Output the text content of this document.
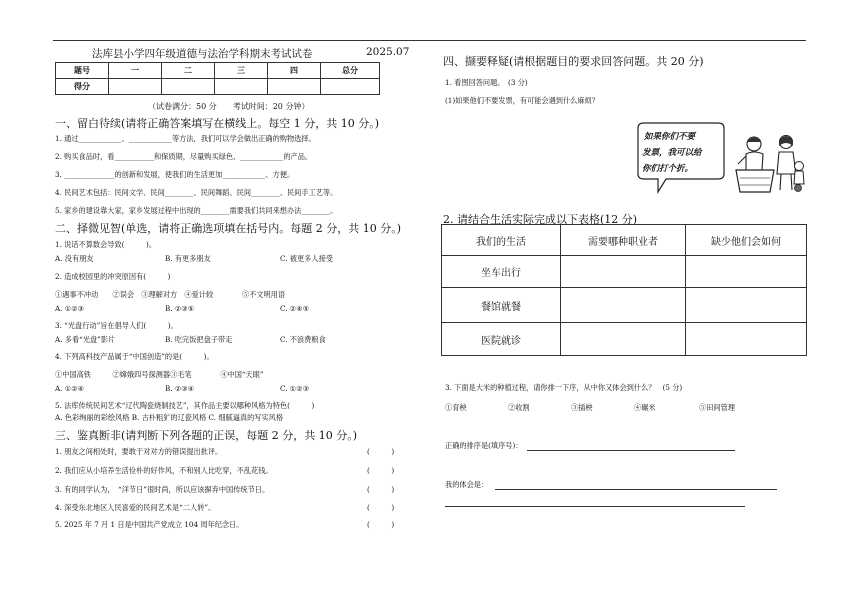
法库县小学四年级道德与法治学科期末考试试卷	2025.07
题号	一	二	三	四	总分
得分					
（试卷满分：50 分　　考试时间：20 分钟）
一、留白待续(请将正确答案填写在横线上。每空 1 分，共 10 分。)
1. 通过____________、____________等方法，我们可以学会做出正确的购物选择。
2. 购买食品时，看___________和保质期，尽量购买绿色、____________的产品。
3. ______________的创新和发展，使我们的生活更加____________、方便。
4. 民间艺术包括：民间文学、民间________、民间舞蹈、民间________、民间手工艺等。
5. 家乡的建设靠大家，家乡发展过程中出现的________需要我们共同来想办法________。
二、择微见智(单选，请将正确选项填在括号内。每题 2 分，共 10 分。)
1. 说话不算数会导致(　　　)。
A. 没有朋友	B. 有更多朋友	C. 被更多人接受
2. 造成校园里的冲突原因有(　　　)
①遇事不冲动　　②误会　③理解对方　④爱计较　　　　⑤不文明用语
A. ①②③	B. ②③⑤	C. ②④⑤
3. “光盘行动”旨在倡导人们(　　　)。
A. 多看“光盘”影片	B. 吃完饭把盘子带走	C. 不浪费粮食
4. 下列高科技产品属于“中国创造”的是(　　　)。
①中国高铁　　　②嫦娥四号探测器③毛笔　　　　④中国“天眼”
A. ①②④	B. ②③④	C. ①②③
5. 法库传统民间艺术“辽代陶瓷烧制技艺”，其作品主要以哪种风格为特色(　　　)
A. 色彩绚丽的彩绘风格 B. 古朴粗犷的辽瓷风格 C. 细腻逼真的写实风格
三、鉴真断非(请判断下列各题的正误，每题 2 分，共 10 分。)
1. 朋友之间相处时，要敢于对对方的错误提出批评。	(　　　)
2. 我们应从小培养生活俭朴的好作风，不和别人比吃穿，不乱花钱。	(　　　)
3. 有的同学认为，　“洋节日”很时尚，所以应该摒弃中国传统节日。	(　　　)
4. 深受东北地区人民喜爱的民间艺术是“二人转”。	(　　　)
5. 2025 年 7 月 1 日是中国共产党成立 104 周年纪念日。	(　　　)
四、撷要释疑(请根据题目的要求回答问题。共 20 分)
1. 看图回答问题。　(3 分)
(1)如果他们不要发票，有可能会遇到什么麻烦？
如果你们不要 发票，我可以给 你们打个折。
2. 请结合生活实际完成以下表格(12 分)
我们的生活	需要哪种职业者	缺少他们会如何
坐车出行		
餐馆就餐		
医院就诊		
3. 下面是大米的种植过程，请你排一下序，从中你又体会到什么？　(5 分)
①育秧	②收割	③插秧	④碾米	⑤田间管理
正确的排序是(填序号)：
我的体会是：
